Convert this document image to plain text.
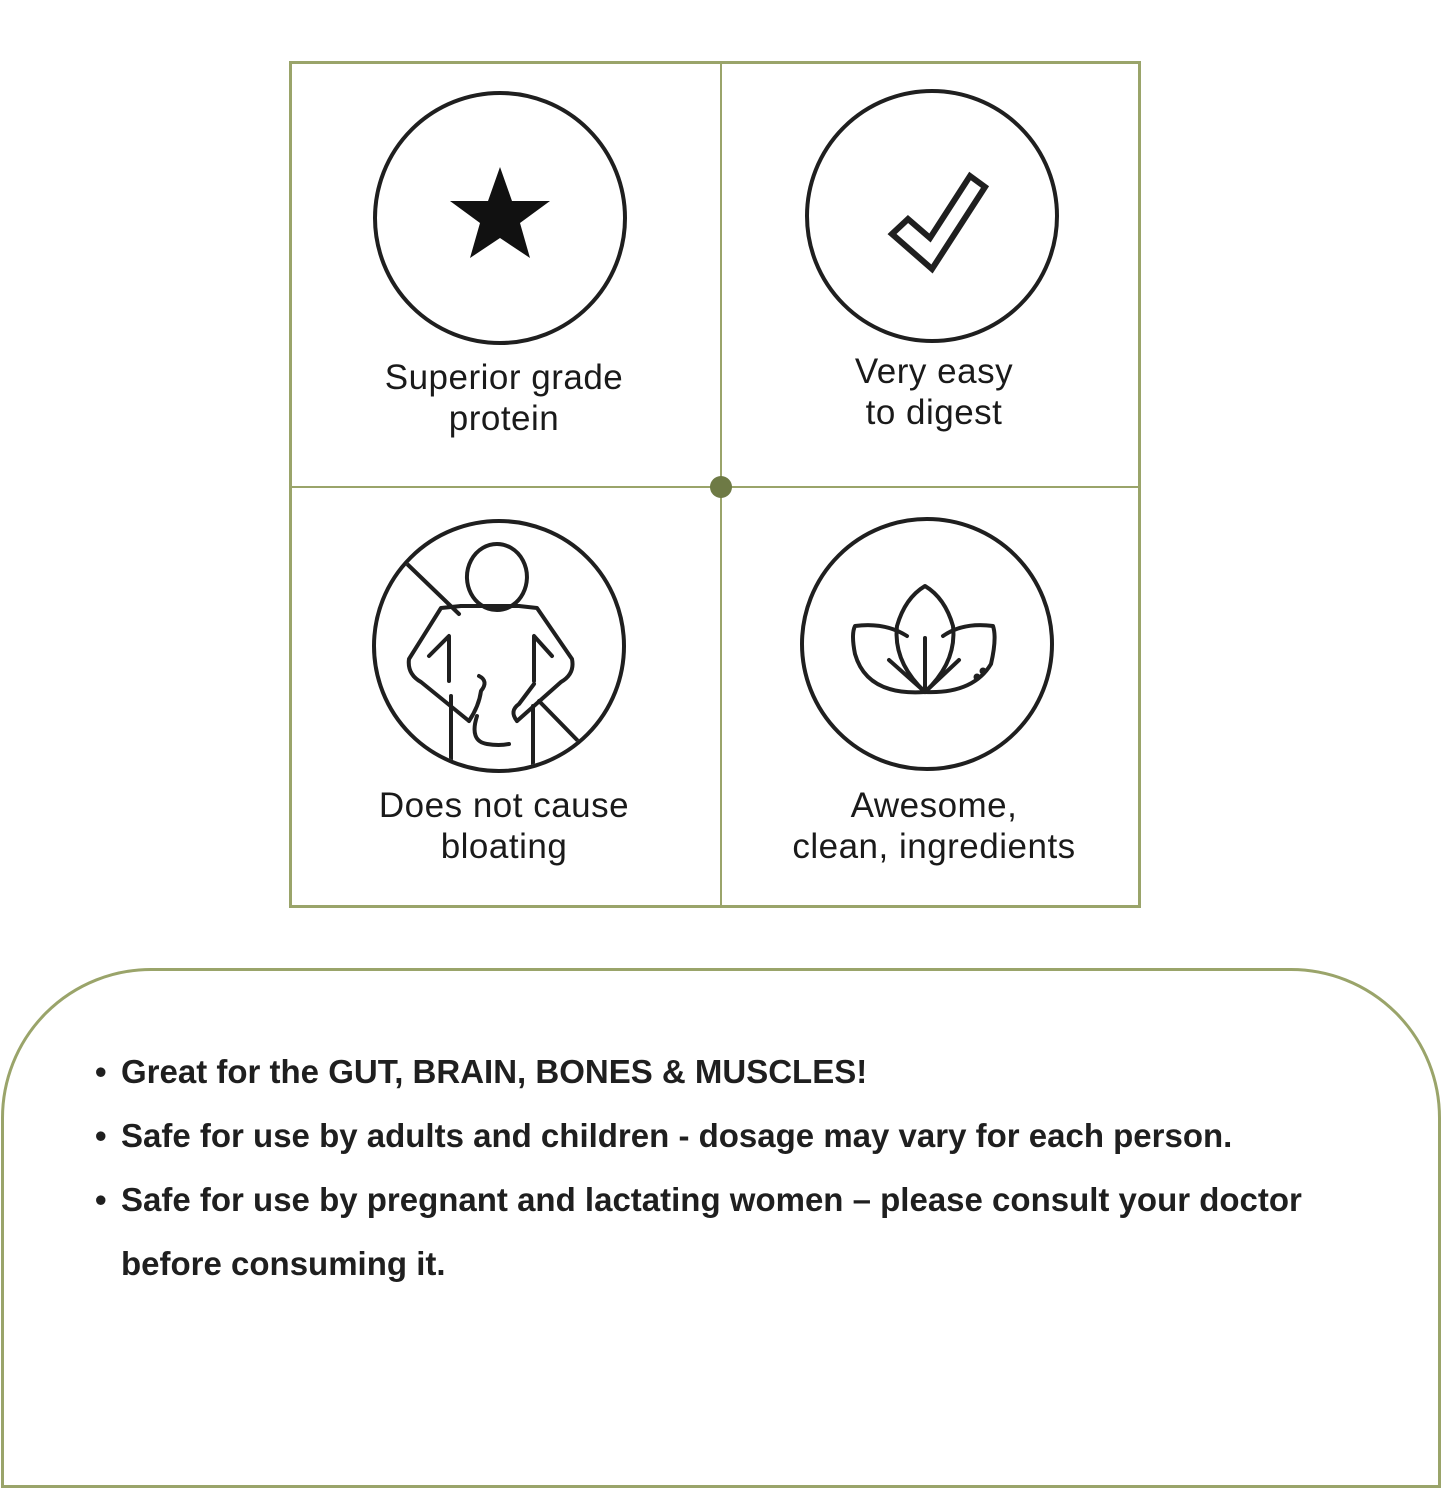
Superior grade
protein
Very easy
to digest
Does not cause
bloating
Awesome,
clean, ingredients
• Great for the GUT, BRAIN, BONES & MUSCLES!
• Safe for use by adults and children - dosage may vary for each person.
• Safe for use by pregnant and lactating women – please consult your doctor before consuming it.
